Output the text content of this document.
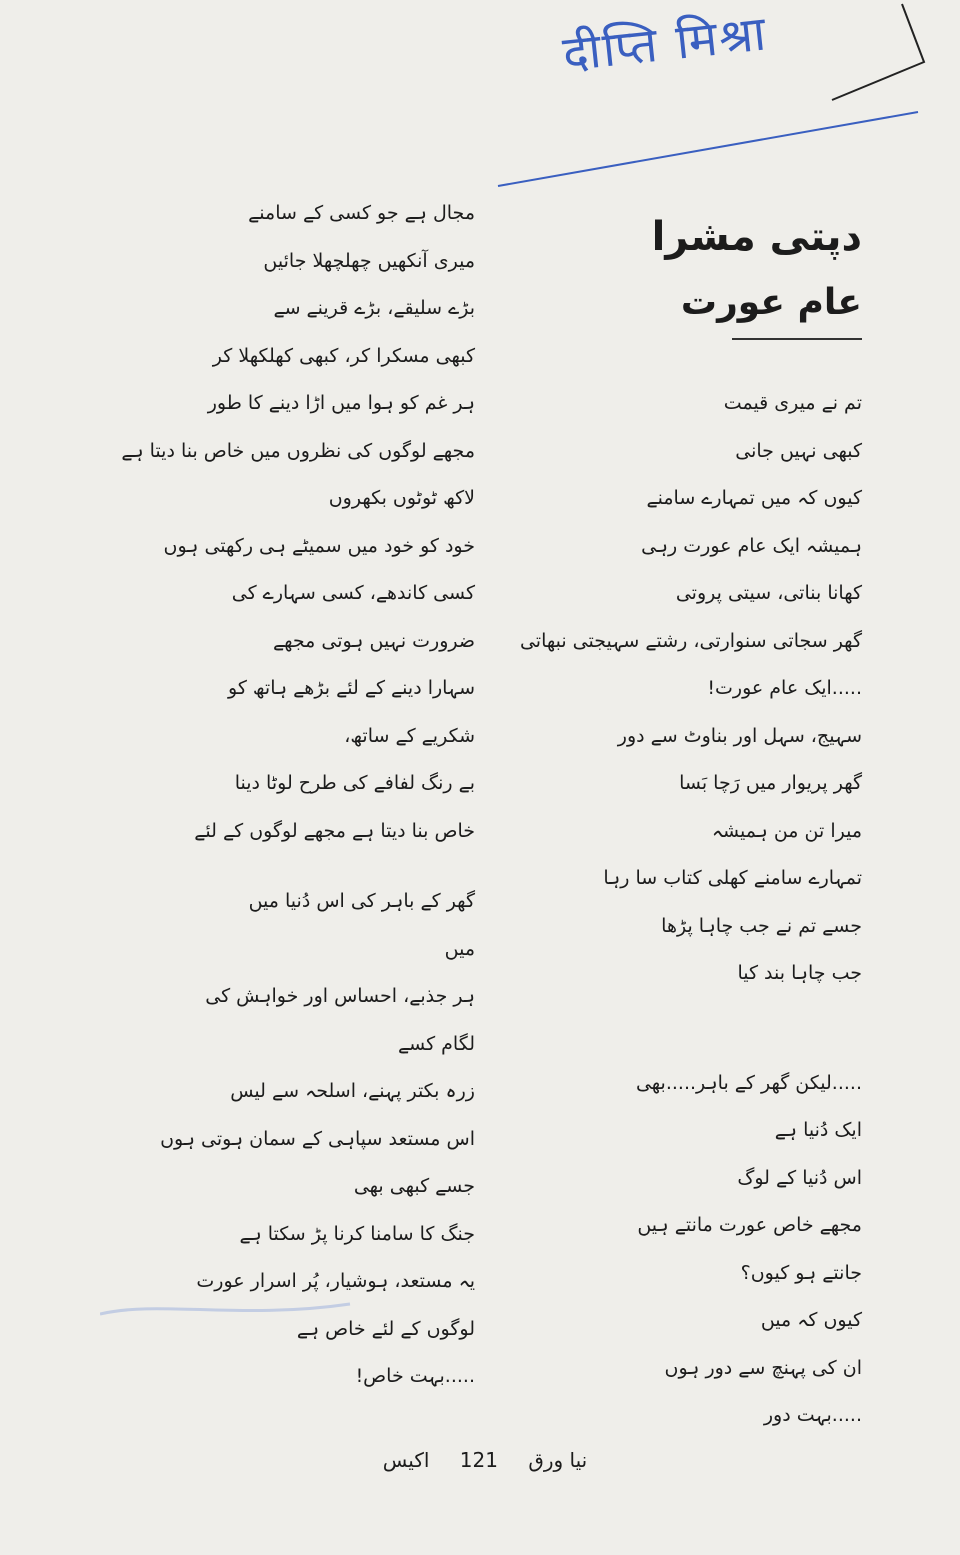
दीप्ति मिश्रा
دپتی مشرا
عام عورت
تم نے میری قیمت
کبھی نہیں جانی
کیوں کہ میں تمہارے سامنے
ہمیشہ ایک عام عورت رہی
کھانا بناتی، سیتی پروتی
گھر سجاتی سنوارتی، رشتے سہیجتی نبھاتی
.....ایک عام عورت!
سہیج، سہل اور بناوٹ سے دور
گھر پریوار میں رَچا بَسا
میرا تن من ہمیشہ
تمہارے سامنے کھلی کتاب سا رہا
جسے تم نے جب چاہا پڑھا
جب چاہا بند کیا
.....لیکن گھر کے باہر.....بھی
ایک دُنیا ہے
اس دُنیا کے لوگ
مجھے خاص عورت مانتے ہیں
جانتے ہو کیوں؟
کیوں کہ میں
ان کی پہنچ سے دور ہوں
.....بہت دور
مجال ہے جو کسی کے سامنے
میری آنکھیں چھلچھلا جائیں
بڑے سلیقے، بڑے قرینے سے
کبھی مسکرا کر، کبھی کھلکھلا کر
ہر غم کو ہوا میں اڑا دینے کا طور
مجھے لوگوں کی نظروں میں خاص بنا دیتا ہے
لاکھ ٹوٹوں بکھروں
خود کو خود میں سمیٹے ہی رکھتی ہوں
کسی کاندھے، کسی سہارے کی
ضرورت نہیں ہوتی مجھے
سہارا دینے کے لئے بڑھے ہاتھ کو
شکریے کے ساتھ،
بے رنگ لفافے کی طرح لوٹا دینا
خاص بنا دیتا ہے مجھے لوگوں کے لئے
گھر کے باہر کی اس دُنیا میں
میں
ہر جذبے، احساس اور خواہش کی
لگام کسے
زرہ بکتر پہنے، اسلحہ سے لیس
اس مستعد سپاہی کے سمان ہوتی ہوں
جسے کبھی بھی
جنگ کا سامنا کرنا پڑ سکتا ہے
یہ مستعد، ہوشیار، پُر اسرار عورت
لوگوں کے لئے خاص ہے
.....بہت خاص!
نیا ورق 121 اکیس
